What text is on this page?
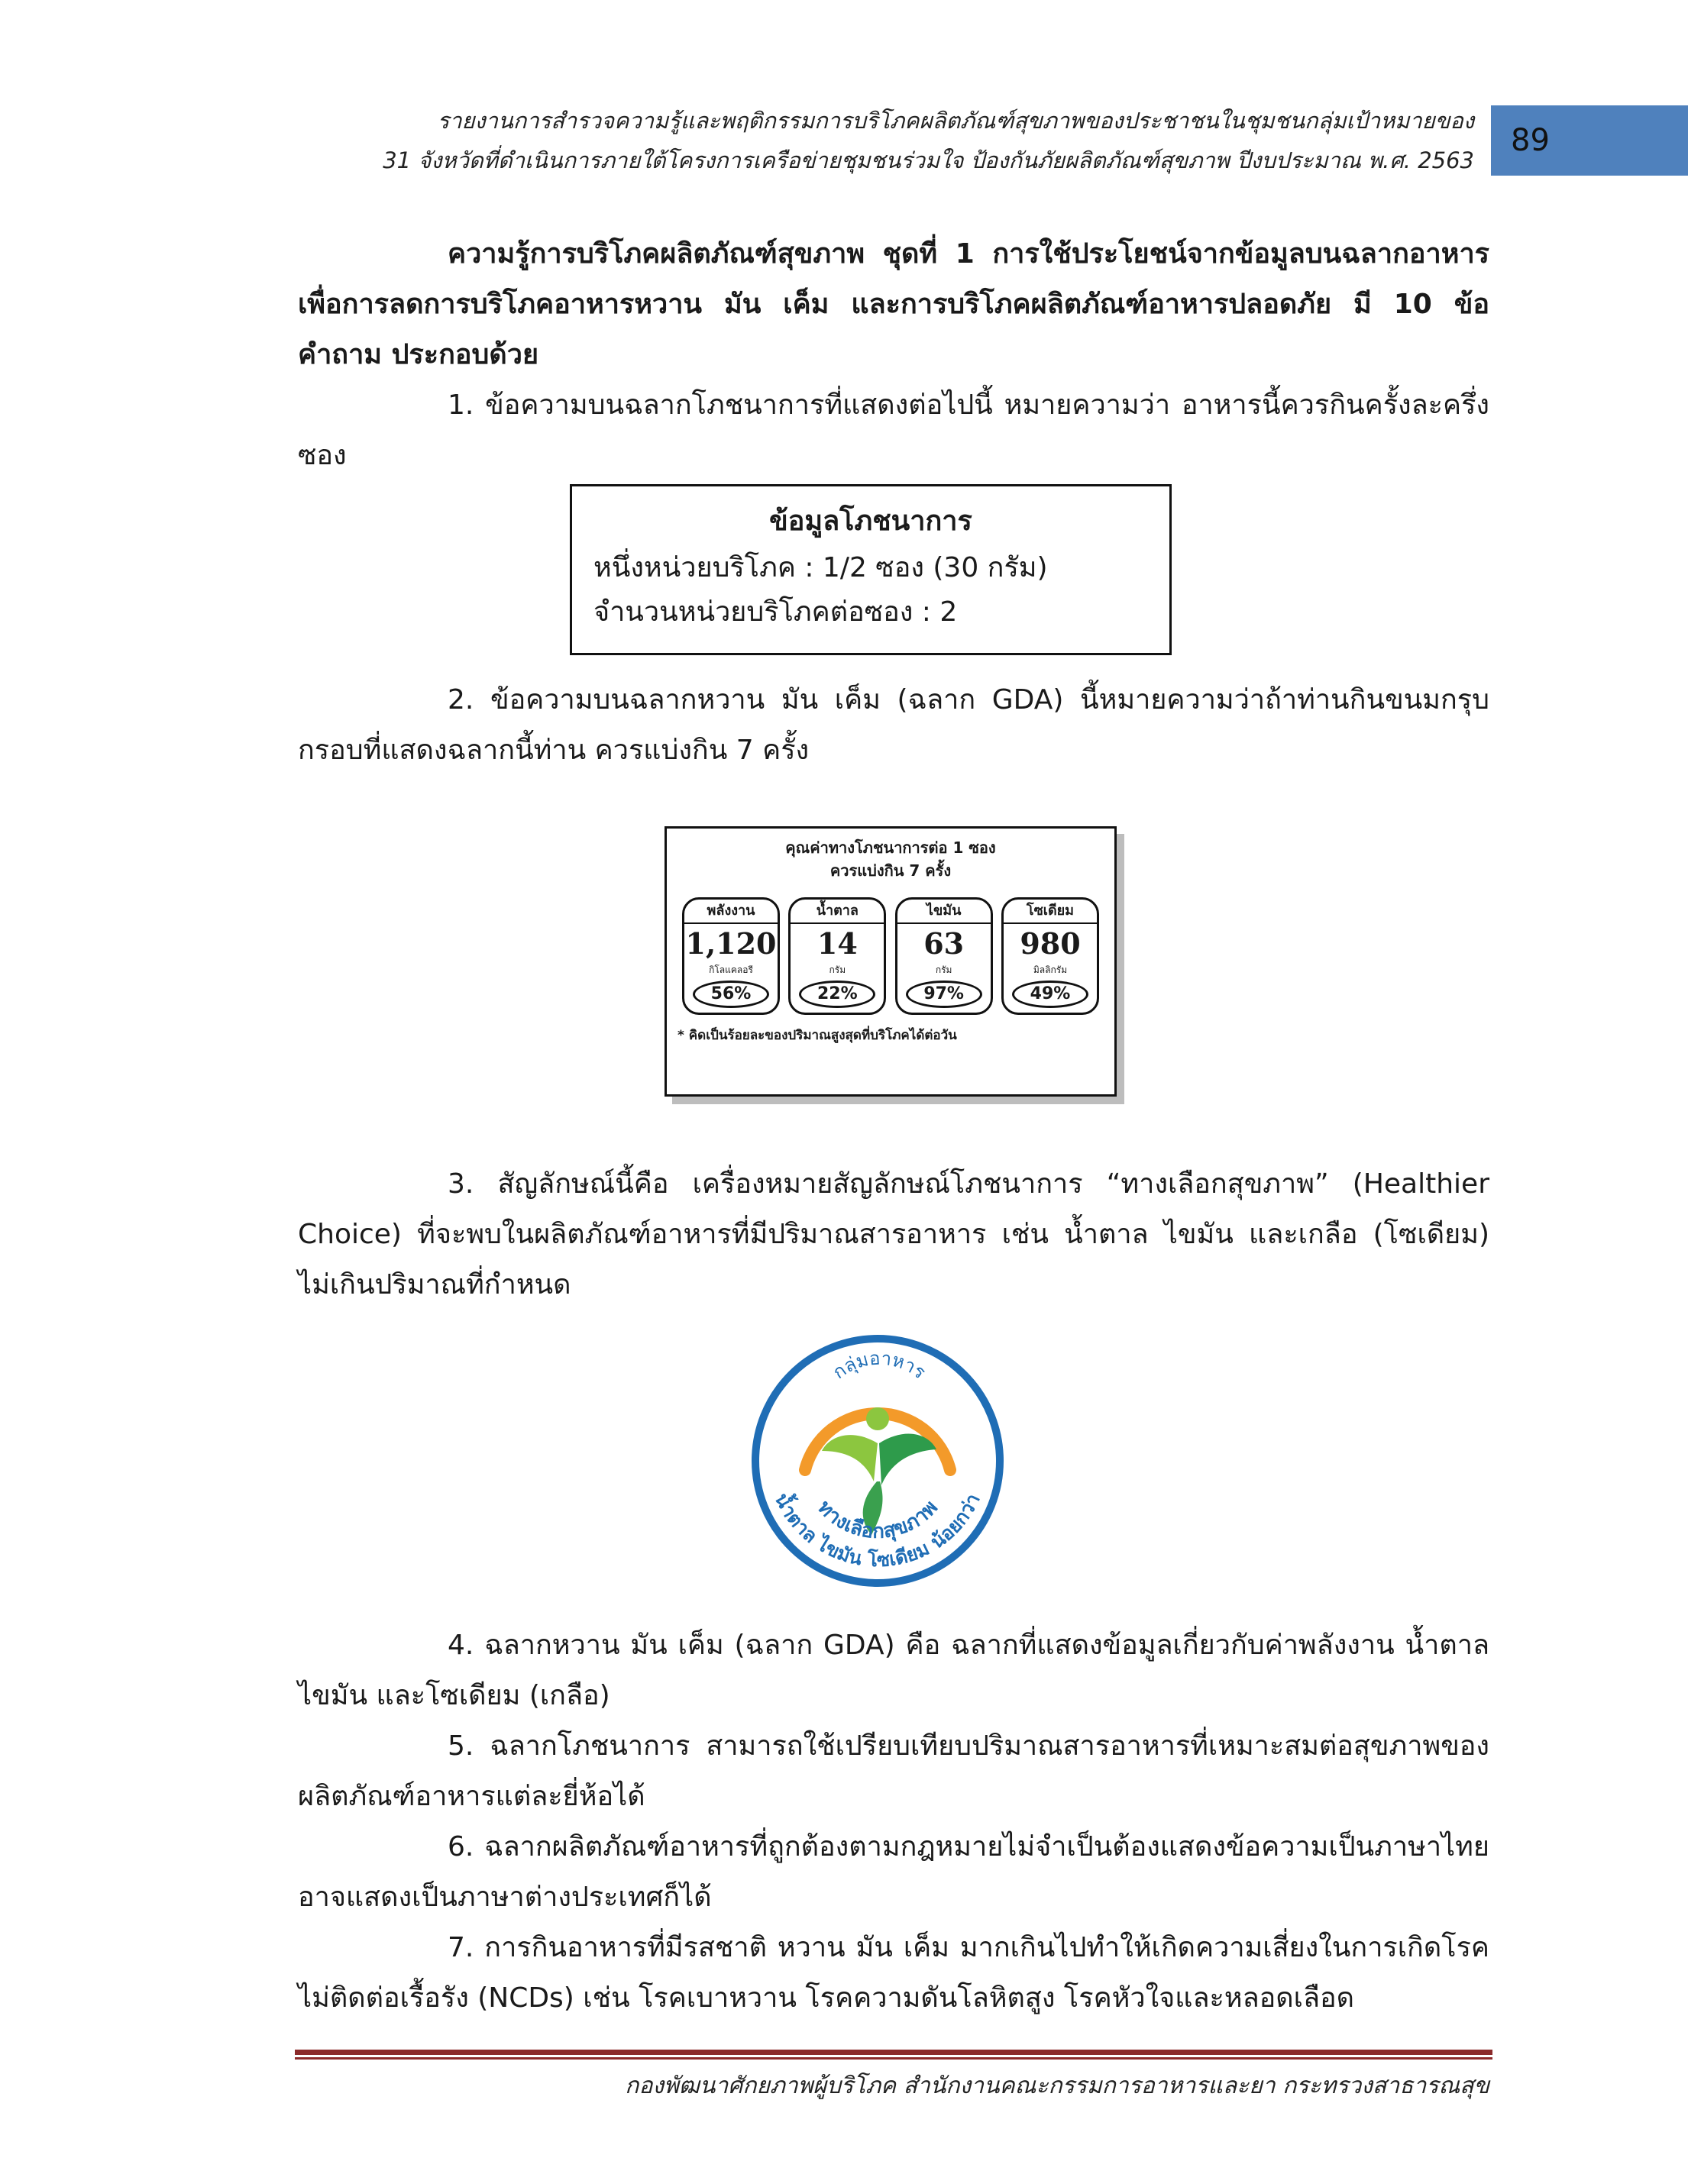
รายงานการสำรวจความรู้และพฤติกรรมการบริโภคผลิตภัณฑ์สุขภาพของประชาชนในชุมชนกลุ่มเป้าหมายของ
31 จังหวัดที่ดำเนินการภายใต้โครงการเครือข่ายชุมชนร่วมใจ ป้องกันภัยผลิตภัณฑ์สุขภาพ ปีงบประมาณ พ.ศ. 2563
89

ความรู้การบริโภคผลิตภัณฑ์สุขภาพ ชุดที่ 1 การใช้ประโยชน์จากข้อมูลบนฉลากอาหาร เพื่อการลดการบริโภคอาหารหวาน มัน เค็ม และการบริโภคผลิตภัณฑ์อาหารปลอดภัย มี 10 ข้อคำถาม ประกอบด้วย

1. ข้อความบนฉลากโภชนาการที่แสดงต่อไปนี้ หมายความว่า อาหารนี้ควรกินครั้งละครึ่งซอง

ข้อมูลโภชนาการ
หนึ่งหน่วยบริโภค : 1/2 ซอง (30 กรัม)
จำนวนหน่วยบริโภคต่อซอง : 2

2. ข้อความบนฉลากหวาน มัน เค็ม (ฉลาก GDA) นี้หมายความว่าถ้าท่านกินขนมกรุบกรอบที่แสดงฉลากนี้ท่าน ควรแบ่งกิน 7 ครั้ง

คุณค่าทางโภชนาการต่อ 1 ซอง
ควรแบ่งกิน 7 ครั้ง
พลังงาน
1,120
กิโลแคลอรี
56%
น้ำตาล
14
กรัม
22%
ไขมัน
63
กรัม
97%
โซเดียม
980
มิลลิกรัม
49%
* คิดเป็นร้อยละของปริมาณสูงสุดที่บริโภคได้ต่อวัน

3. สัญลักษณ์นี้คือ เครื่องหมายสัญลักษณ์โภชนาการ “ทางเลือกสุขภาพ” (Healthier Choice) ที่จะพบในผลิตภัณฑ์อาหารที่มีปริมาณสารอาหาร เช่น น้ำตาล ไขมัน และเกลือ (โซเดียม) ไม่เกินปริมาณที่กำหนด

กลุ่มอาหาร
ทางเลือกสุขภาพ
น้ำตาล ไขมัน โซเดียม น้อยกว่า

4. ฉลากหวาน มัน เค็ม (ฉลาก GDA) คือ ฉลากที่แสดงข้อมูลเกี่ยวกับค่าพลังงาน น้ำตาล ไขมัน และโซเดียม (เกลือ)

5. ฉลากโภชนาการ สามารถใช้เปรียบเทียบปริมาณสารอาหารที่เหมาะสมต่อสุขภาพของผลิตภัณฑ์อาหารแต่ละยี่ห้อได้

6. ฉลากผลิตภัณฑ์อาหารที่ถูกต้องตามกฎหมายไม่จำเป็นต้องแสดงข้อความเป็นภาษาไทยอาจแสดงเป็นภาษาต่างประเทศก็ได้

7. การกินอาหารที่มีรสชาติ หวาน มัน เค็ม มากเกินไปทำให้เกิดความเสี่ยงในการเกิดโรคไม่ติดต่อเรื้อรัง (NCDs) เช่น โรคเบาหวาน โรคความดันโลหิตสูง โรคหัวใจและหลอดเลือด

กองพัฒนาศักยภาพผู้บริโภค สำนักงานคณะกรรมการอาหารและยา กระทรวงสาธารณสุข
